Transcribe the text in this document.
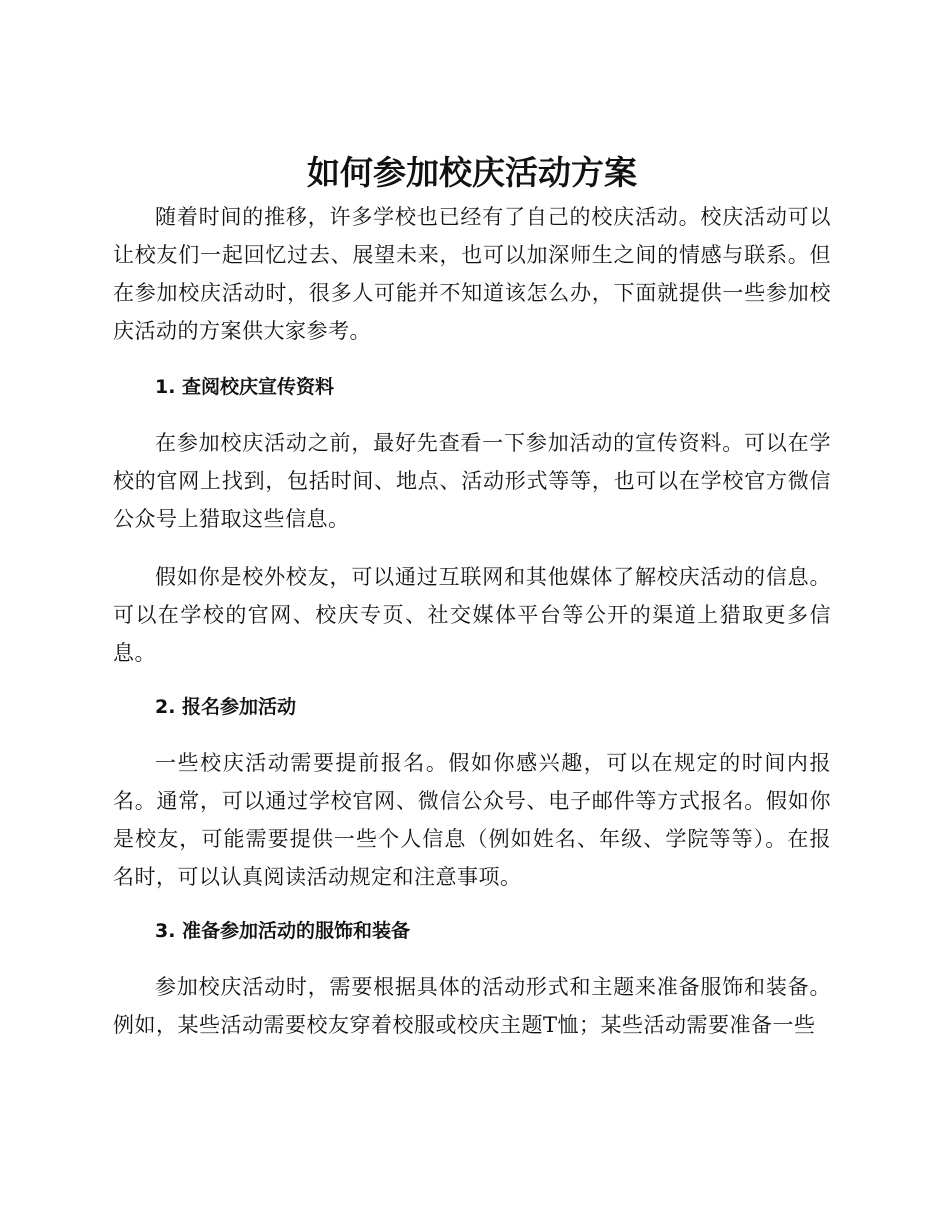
如何参加校庆活动方案

随着时间的推移，许多学校也已经有了自己的校庆活动。校庆活动可以让校友们一起回忆过去、展望未来，也可以加深师生之间的情感与联系。但在参加校庆活动时，很多人可能并不知道该怎么办，下面就提供一些参加校庆活动的方案供大家参考。

1. 查阅校庆宣传资料

在参加校庆活动之前，最好先查看一下参加活动的宣传资料。可以在学校的官网上找到，包括时间、地点、活动形式等等，也可以在学校官方微信公众号上猎取这些信息。

假如你是校外校友，可以通过互联网和其他媒体了解校庆活动的信息。可以在学校的官网、校庆专页、社交媒体平台等公开的渠道上猎取更多信息。

2. 报名参加活动

一些校庆活动需要提前报名。假如你感兴趣，可以在规定的时间内报名。通常，可以通过学校官网、微信公众号、电子邮件等方式报名。假如你是校友，可能需要提供一些个人信息（例如姓名、年级、学院等等）。在报名时，可以认真阅读活动规定和注意事项。

3. 准备参加活动的服饰和装备

参加校庆活动时，需要根据具体的活动形式和主题来准备服饰和装备。例如，某些活动需要校友穿着校服或校庆主题T恤；某些活动需要准备一些
